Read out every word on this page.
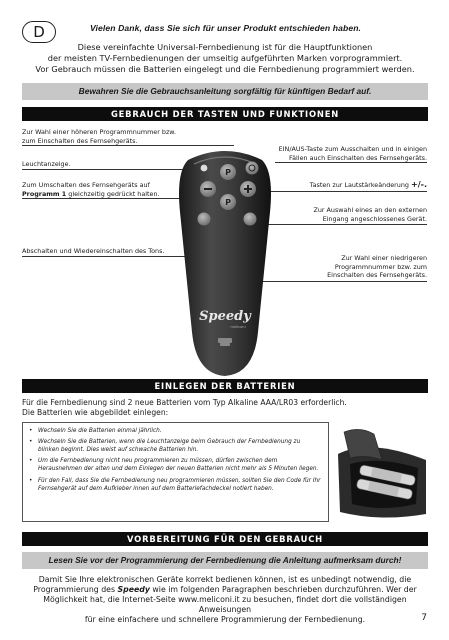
D	Vielen Dank, dass Sie sich für unser Produkt entschieden haben.
Diese vereinfachte Universal-Fernbedienung ist für die Hauptfunktionen
der meisten TV-Fernbedienungen der umseitig aufgeführten Marken vorprogrammiert.
Vor Gebrauch müssen die Batterien eingelegt und die Fernbedienung programmiert werden.
Bewahren Sie die Gebrauchsanleitung sorgfältig für künftigen Bedarf auf.
GEBRAUCH DER TASTEN UND FUNKTIONEN
Zur Wahl einer höheren Programmnummer bzw.
zum Einschalten des Fernsehgeräts.
Leuchtanzeige.
Zum Umschalten des Fernsehgeräts auf
Programm 1 gleichzeitig gedrückt halten.
Abschalten und Wiedereinschalten des Tons.
EIN/AUS-Taste zum Ausschalten und in einigen
Fällen auch Einschalten des Fernsehgeräts.
Tasten zur Lautstärkeänderung +/-.
Zur Auswahl eines an den externen
Eingang angeschlossenes Gerät.
Zur Wahl einer niedrigeren
Programmnummer bzw. zum
Einschalten des Fernsehgeräts.
P
P
Speedy
meliconi
EINLEGEN DER BATTERIEN
Für die Fernbedienung sind 2 neue Batterien vom Typ Alkaline AAA/LR03 erforderlich.
Die Batterien wie abgebildet einlegen:
• Wechseln Sie die Batterien einmal jährlich.
• Wechseln Sie die Batterien, wenn die Leuchtanzeige beim Gebrauch der Fernbedienung zu blinken beginnt. Dies weist auf schwache Batterien hin.
• Um die Fernbedienung nicht neu programmieren zu müssen, dürfen zwischen dem Herausnehmen der alten und dem Einlegen der neuen Batterien nicht mehr als 5 Minuten liegen.
• Für den Fall, dass Sie die Fernbedienung neu programmieren müssen, sollten Sie den Code für Ihr Fernsehgerät auf dem Aufkleber innen auf dem Batteriefachdeckel notiert haben.
VORBEREITUNG FÜR DEN GEBRAUCH
Lesen Sie vor der Programmierung der Fernbedienung die Anleitung aufmerksam durch!
Damit Sie Ihre elektronischen Geräte korrekt bedienen können, ist es unbedingt notwendig, die
Programmierung des Speedy wie im folgenden Paragraphen beschrieben durchzuführen. Wer der
Möglichkeit hat, die Internet-Seite www.meliconi.it zu besuchen, findet dort die vollständigen Anweisungen
für eine einfachere und schnellere Programmierung der Fernbedienung.	7
